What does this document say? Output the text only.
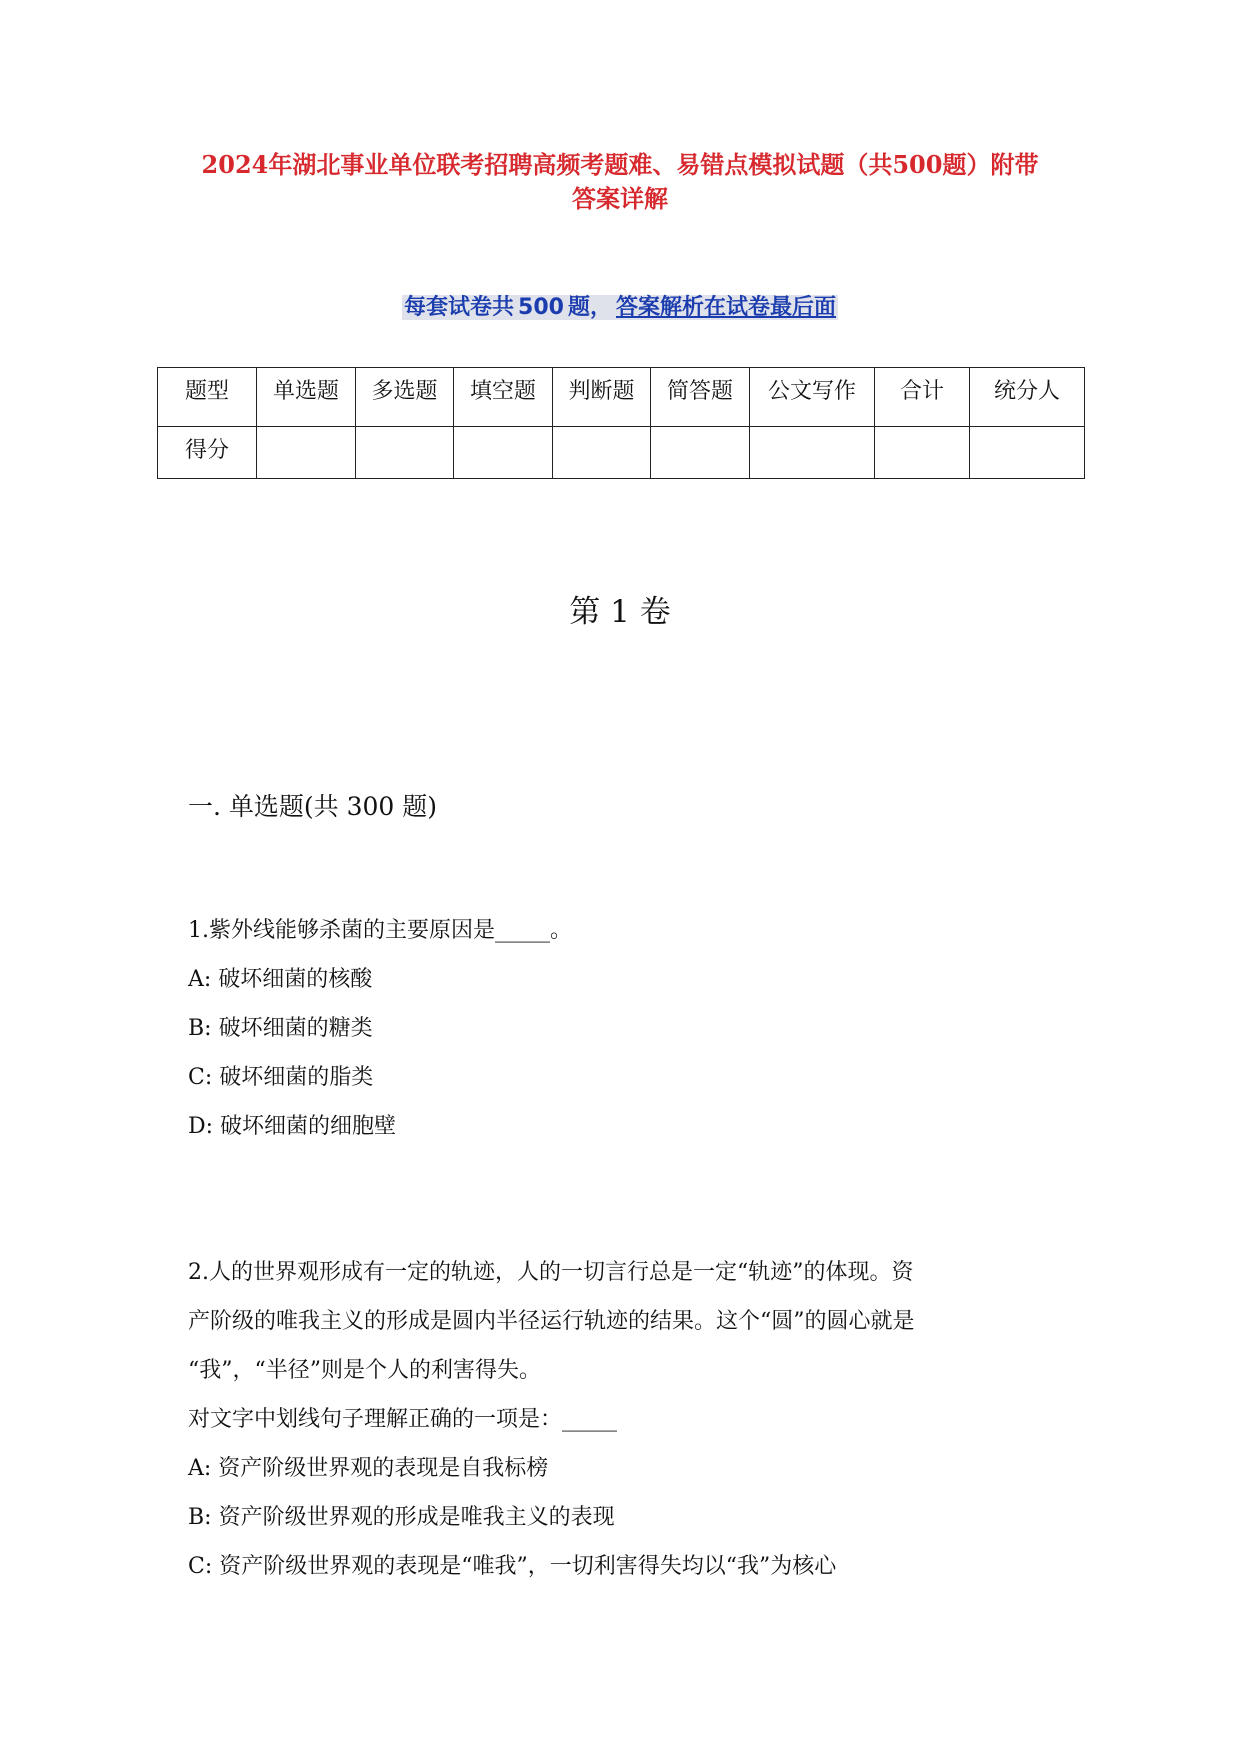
2024年湖北事业单位联考招聘高频考题难、易错点模拟试题（共500题）附带
答案详解
每套试卷共 500 题， 答案解析在试卷最后面
题型	单选题	多选题	填空题	判断题	简答题	公文写作	合计	统分人
得分								
第 1 卷
一. 单选题(共 300 题)
1.紫外线能够杀菌的主要原因是_____。
A: 破坏细菌的核酸
B: 破坏细菌的糖类
C: 破坏细菌的脂类
D: 破坏细菌的细胞壁
2.人的世界观形成有一定的轨迹，人的一切言行总是一定“轨迹”的体现。资
产阶级的唯我主义的形成是圆内半径运行轨迹的结果。这个“圆”的圆心就是
“我”，“半径”则是个人的利害得失。
对文字中划线句子理解正确的一项是：_____
A: 资产阶级世界观的表现是自我标榜
B: 资产阶级世界观的形成是唯我主义的表现
C: 资产阶级世界观的表现是“唯我”，一切利害得失均以“我”为核心
